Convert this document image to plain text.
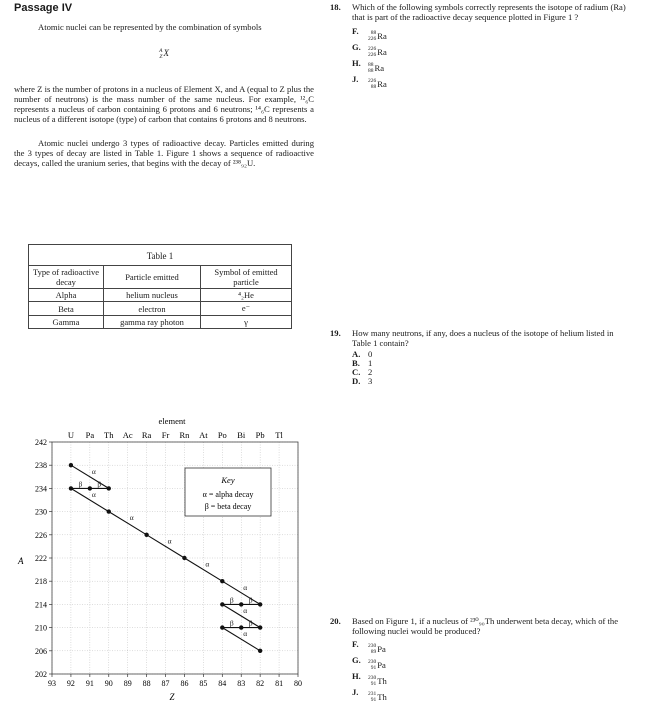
Passage IV

Atomic nuclei can be represented by the combination of symbols

A
Z X

where Z is the number of protons in a nucleus of Element X, and A (equal to Z plus the number of neutrons) is the mass number of the same nucleus. For example, ¹²₆C represents a nucleus of carbon containing 6 protons and 6 neutrons; ¹⁴₆C represents a nucleus of a different isotope (type) of carbon that contains 6 protons and 8 neutrons.

Atomic nuclei undergo 3 types of radioactive decay. Particles emitted during the 3 types of decay are listed in Table 1. Figure 1 shows a sequence of radioactive decays, called the uranium series, that begins with the decay of ²³⁸₉₂U.

Table 1
Type of radioactive decay	Particle emitted	Symbol of emitted particle
Alpha	helium nucleus	⁴₂He
Beta	electron	e⁻
Gamma	gamma ray photon	γ
element
U Pa Th Ac Ra Fr Rn At Po Bi Pb Tl
242
238
234
230
226
222
218
214
210
206
202
93 92 91 90 89 88 87 86 85 84 83 82 81 80
A
Z
α
β
β
α
α
α
α
α
β
β
α
β
β
α
Key
α = alpha decay
β = beta decay
18. Which of the following symbols correctly represents the isotope of radium (Ra) that is part of the radioactive decay sequence plotted in Figure 1 ?
F.	88
226 Ra
G. 226
226 Ra
H. 88
88 Ra
J. 226
88 Ra
19. How many neutrons, if any, does a nucleus of the isotope of helium listed in Table 1 contain?
A. 0
B. 1
C. 2
D. 3
20. Based on Figure 1, if a nucleus of ²³⁰₉₀Th underwent beta decay, which of the following nuclei would be produced?
F. 230
89 Pa
G. 230
91 Pa
H. 230
91 Th
J. 231
91 Th
